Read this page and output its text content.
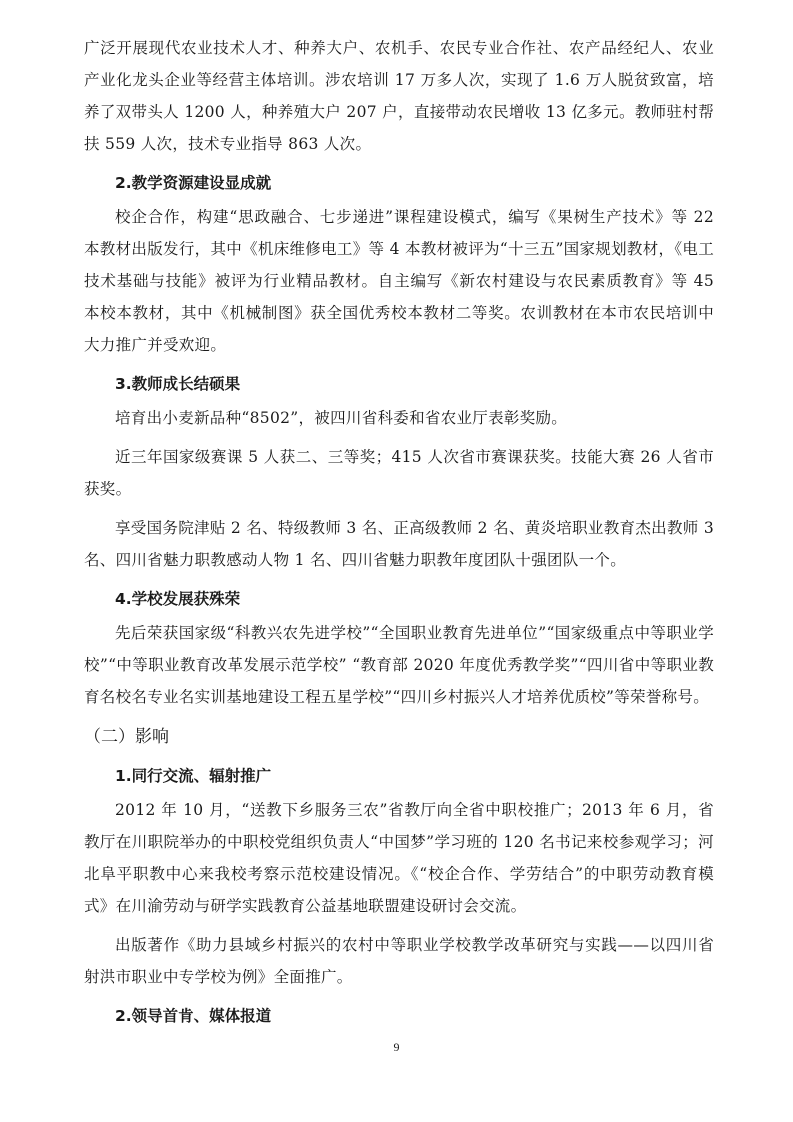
广泛开展现代农业技术人才、种养大户、农机手、农民专业合作社、农产品经纪人、农业产业化龙头企业等经营主体培训。涉农培训 17 万多人次，实现了 1.6 万人脱贫致富，培养了双带头人 1200 人，种养殖大户 207 户，直接带动农民增收 13 亿多元。教师驻村帮扶 559 人次，技术专业指导 863 人次。

2.教学资源建设显成就

校企合作，构建“思政融合、七步递进”课程建设模式，编写《果树生产技术》等 22 本教材出版发行，其中《机床维修电工》等 4 本教材被评为“十三五”国家规划教材，《电工技术基础与技能》被评为行业精品教材。自主编写《新农村建设与农民素质教育》等 45 本校本教材，其中《机械制图》获全国优秀校本教材二等奖。农训教材在本市农民培训中大力推广并受欢迎。

3.教师成长结硕果

培育出小麦新品种“8502”，被四川省科委和省农业厅表彰奖励。

近三年国家级赛课 5 人获二、三等奖；415 人次省市赛课获奖。技能大赛 26 人省市获奖。

享受国务院津贴 2 名、特级教师 3 名、正高级教师 2 名、黄炎培职业教育杰出教师 3 名、四川省魅力职教感动人物 1 名、四川省魅力职教年度团队十强团队一个。

4.学校发展获殊荣

先后荣获国家级“科教兴农先进学校”“全国职业教育先进单位”“国家级重点中等职业学校”“中等职业教育改革发展示范学校” “教育部 2020 年度优秀教学奖”“四川省中等职业教育名校名专业名实训基地建设工程五星学校”“四川乡村振兴人才培养优质校”等荣誉称号。

（二）影响
1.同行交流、辐射推广

2012 年 10 月，“送教下乡服务三农”省教厅向全省中职校推广；2013 年 6 月，省教厅在川职院举办的中职校党组织负责人“中国梦”学习班的 120 名书记来校参观学习；河北阜平职教中心来我校考察示范校建设情况。《“校企合作、学劳结合”的中职劳动教育模式》在川渝劳动与研学实践教育公益基地联盟建设研讨会交流。

出版著作《助力县域乡村振兴的农村中等职业学校教学改革研究与实践——以四川省射洪市职业中专学校为例》全面推广。

2.领导首肯、媒体报道
9
